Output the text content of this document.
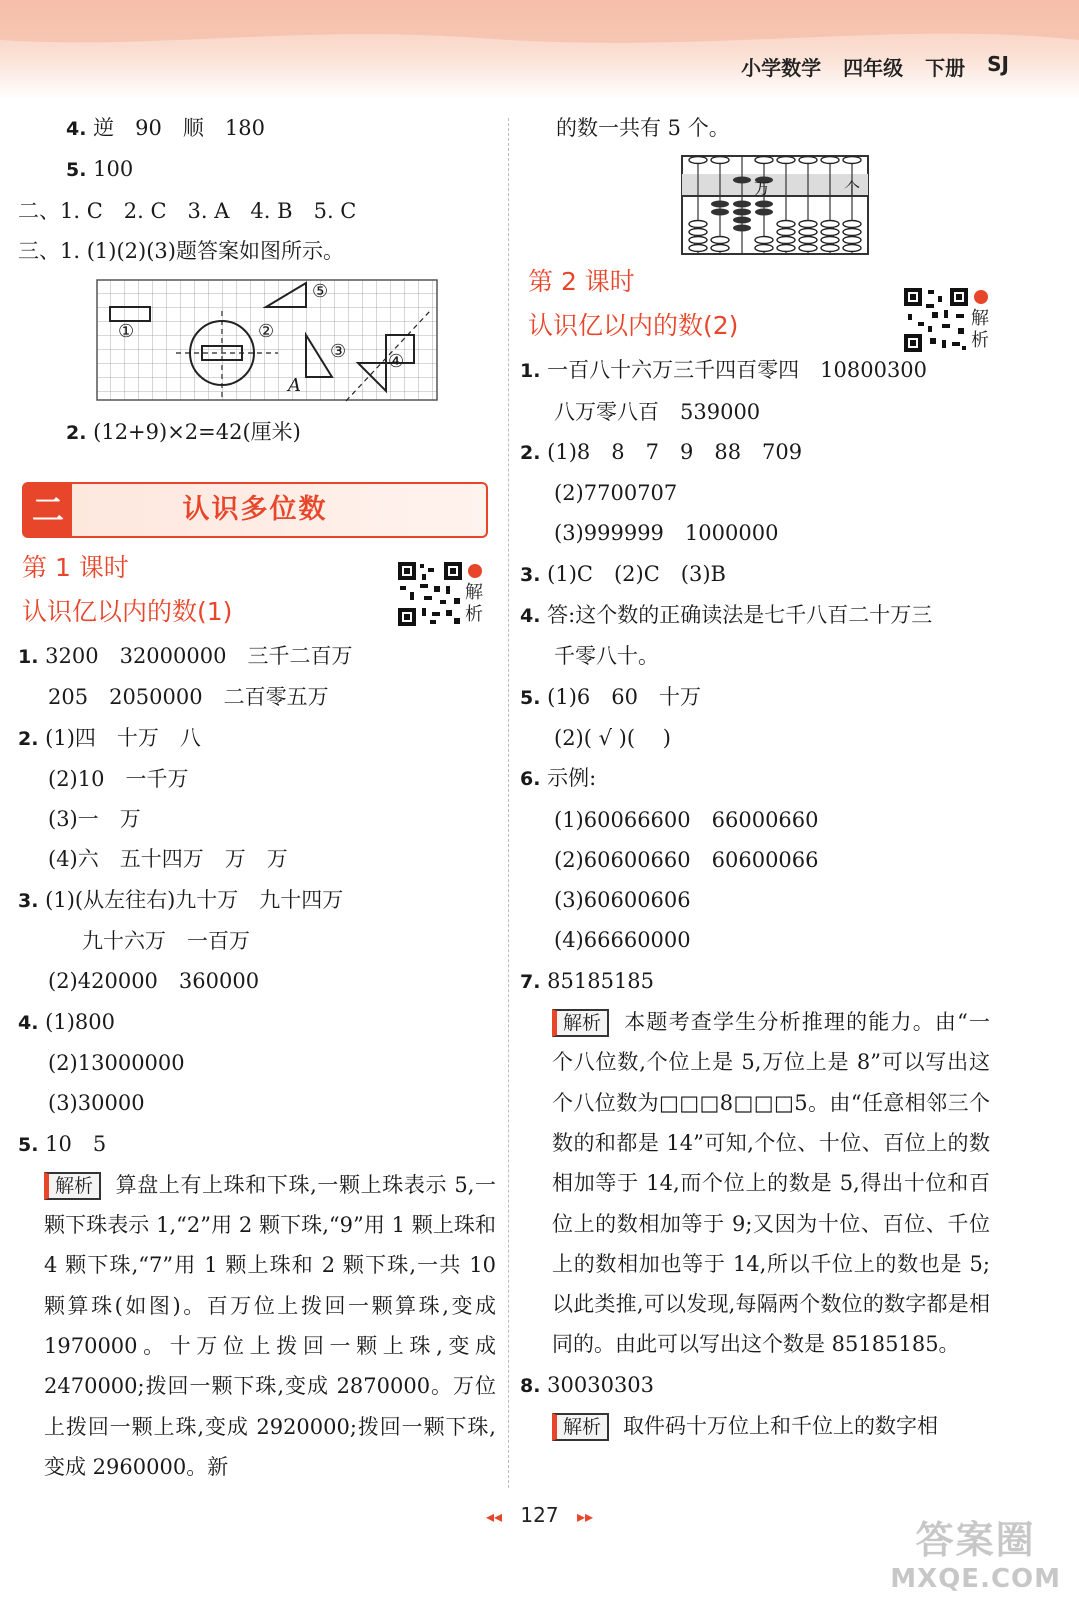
小学数学 四年级 下册 SJ
4. 逆　90　顺　180
5. 100
二、1. C　2. C　3. A　4. B　5. C
三、1. (1)(2)(3)题答案如图所示。
①	②
③ ④
⑤
A
2. (12+9)×2=42(厘米)
二	认识多位数
第 1 课时
认识亿以内的数(1)
解析
1. 3200　32000000　三千二百万
205　2050000　二百零五万
2. (1)四　十万　八
(2)10　一千万
(3)一　万
(4)六　五十四万　万　万
3. (1)(从左往右)九十万　九十四万
九十六万　一百万
(2)420000　360000
4. (1)800
(2)13000000
(3)30000
5. 10　5
解析 算盘上有上珠和下珠,一颗上珠表示 5,一颗下珠表示 1,“2”用 2 颗下珠,“9”用 1 颗上珠和 4 颗下珠,“7”用 1 颗上珠和 2 颗下珠,一共 10 颗算珠(如图)。百万位上拨回一颗算珠,变成 1970000。十万位上拨回一颗上珠,变成 2470000;拨回一颗下珠,变成 2870000。万位上拨回一颗上珠,变成 2920000;拨回一颗下珠,变成 2960000。新
的数一共有 5 个。
万	个
第 2 课时
认识亿以内的数(2)
1. 一百八十六万三千四百零四　10800300
八万零八百　539000
2. (1)8　8　7　9　88　709
(2)7700707
(3)999999　1000000
3. (1)C　(2)C　(3)B
4. 答:这个数的正确读法是七千八百二十万三
千零八十。
5. (1)6　60　十万
(2)( √ )(　 )
6. 示例:
(1)60066600　66000660
(2)60600660　60600066
(3)60600606
(4)66660000
7. 85185185
解析 本题考查学生分析推理的能力。由“一个八位数,个位上是 5,万位上是 8”可以写出这个八位数为□□□8□□□5。由“任意相邻三个数的和都是 14”可知,个位、十位、百位上的数相加等于 14,而个位上的数是 5,得出十位和百位上的数相加等于 9;又因为十位、百位、千位上的数相加也等于 14,所以千位上的数也是 5;以此类推,可以发现,每隔两个数位的数字都是相同的。由此可以写出这个数是 85185185。
8. 30030303
解析 取件码十万位上和千位上的数字相
解析
◂◂ 127 ▸▸
答案圈
MXQE.COM
